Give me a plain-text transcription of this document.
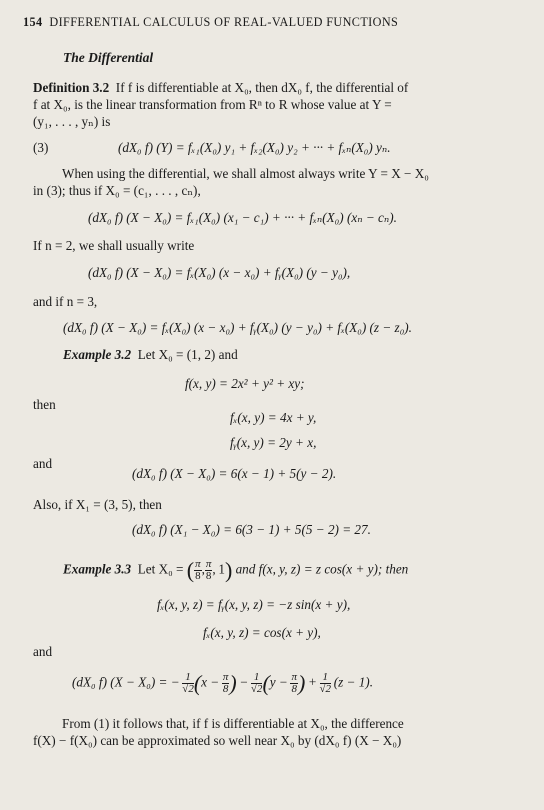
154 DIFFERENTIAL CALCULUS OF REAL-VALUED FUNCTIONS
The Differential
Definition 3.2 If f is differentiable at X₀, then dX₀ f, the differential of
f at X₀, is the linear transformation from Rⁿ to R whose value at Y =
(y₁, . . . , yₙ) is
(3)	(dX₀ f) (Y) = fₓ₁(X₀) y₁ + fₓ₂(X₀) y₂ + ··· + fₓₙ(X₀) yₙ.
When using the differential, we shall almost always write Y = X − X₀
in (3); thus if X₀ = (c₁, . . . , cₙ),
(dX₀ f) (X − X₀) = fₓ₁(X₀) (x₁ − c₁) + ··· + fₓₙ(X₀) (xₙ − cₙ).
If n = 2, we shall usually write
(dX₀ f) (X − X₀) = fₓ(X₀) (x − x₀) + fᵧ(X₀) (y − y₀),
and if n = 3,
(dX₀ f) (X − X₀) = fₓ(X₀) (x − x₀) + fᵧ(X₀) (y − y₀) + fₓ(X₀) (z − z₀).
Example 3.2 Let X₀ = (1, 2) and
f(x, y) = 2x² + y² + xy;
then
fₓ(x, y) = 4x + y,
fᵧ(x, y) = 2y + x,
and
(dX₀ f) (X − X₀) = 6(x − 1) + 5(y − 2).
Also, if X₁ = (3, 5), then
(dX₀ f) (X₁ − X₀) = 6(3 − 1) + 5(5 − 2) = 27.
Example 3.3 Let X₀ = ( $\frac{\pi}{8}$ , $\frac{\pi}{8}$ ,  1) and f(x, y, z) = z cos(x + y); then
fₓ(x, y, z) = fᵧ(x, y, z) = −z sin(x + y),
fₓ(x, y, z) = cos(x + y),
and
(dX₀ f) (X − X₀) = −  $\frac{1}{√2} (x - \frac{\pi}{8}$ )  −  $\frac{1}{√2} (y - \frac{\pi}{8}$ )  +  $\frac{1}{√2}$
  (z − 1).
From (1) it follows that, if f is differentiable at X₀, the difference
f(X) − f(X₀) can be approximated so well near X₀ by (dX₀ f) (X − X₀)
